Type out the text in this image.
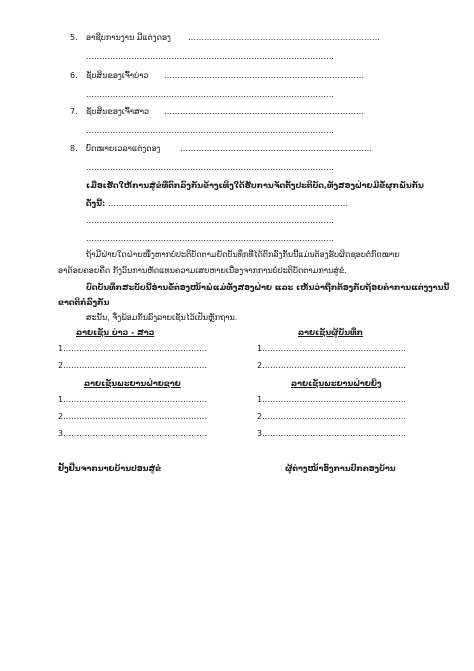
5. ອາຊີບການງານ ມີແຕ່ງດອງ ………………………………………………………………
…………………………………………………………………………………
6. ຊັບສິນຂອງເຈົ້າບ່າວ …………………………………………………………………
…………………………………………………………………………………
7. ຊັບສິນຂອງເຈົ້າສາວ …………………………………………………………………
…………………………………………………………………………………
8. ບົດໝາຍເວລາແຕ່ງດອງ ………………………………………………………………
…………………………………………………………………………………
ເມື່ອເຮັດໃຫ້ການສູ່ຂໍທີ່ຕົກລົງກັນຂ້າງເທິງໃດ້ຮັບການຈັດຕັ້ງປະຕິບັດ,ທັງສອງຝ່າຍມີຂໍ້ຜູກພັນກັນ
ດັ່ງນີ້: ………………………………………………………………………………
…………………………………………………………………………………
…………………………………………………………………………………
ຖ້າມີຝ່າຍໃດຝ່າຍໜຶ່ງຫາກບໍ່ປະຕິບັດຕາມຍັດບັນທຶກທີ່ໄດ້ຕົກລົງກັນນີ້ແມ່ນຕ້ອງຮັບຜິດຊອບຕໍ່ກົດໝາຍ
ອາດ້ອຍຄອຍຄືດ ກັງວົນການຫັດແທນຄວາມເສຍຫາຍເນື່ອງຈາກການບໍ່ປະຕິບັດຕາມການສູ່ຂໍ.
ບົດບັນທຶກສະບັບນີ້ອ່ານຂໍ້ຕ່ອງໜ້າພໍ່ແມ່ທັງສອງຝ່າຍ ແລະ ເຫັນວ່າຖືກຕ້ອງກັບຖ້ອຍຄຳການແຕ່ງງານນີ້
ຂາດຕິກໍ່ລົງກັນ
ສະນັ້ນ, ຈຶ່ງພ້ອມກັນລົງລາຍເຊັນໄວ້ເປັນຫຼັກຖານ.
ລາຍເຊັນ ບ່າວ - ສາວ
1………………………………………………
2………………………………………………
ລາຍເຊັນຜູ້ບັນທຶກ
1………………………………………………
2………………………………………………
ລາຍເຊັນພະຍານຝ່າຍຊາຍ
1………………………………………………
2………………………………………………
3………………………………………………
ລາຍເຊັນພະຍານຝ່າຍຍິງ
1………………………………………………
2………………………………………………
3………………………………………………
ຢັ້ງຢືນຈາກນາຍບ້ານປອນສູ່ຂໍ	ຜູ້ຕ່າງໜ້າອົງການປົກຄອງບ້ານ
